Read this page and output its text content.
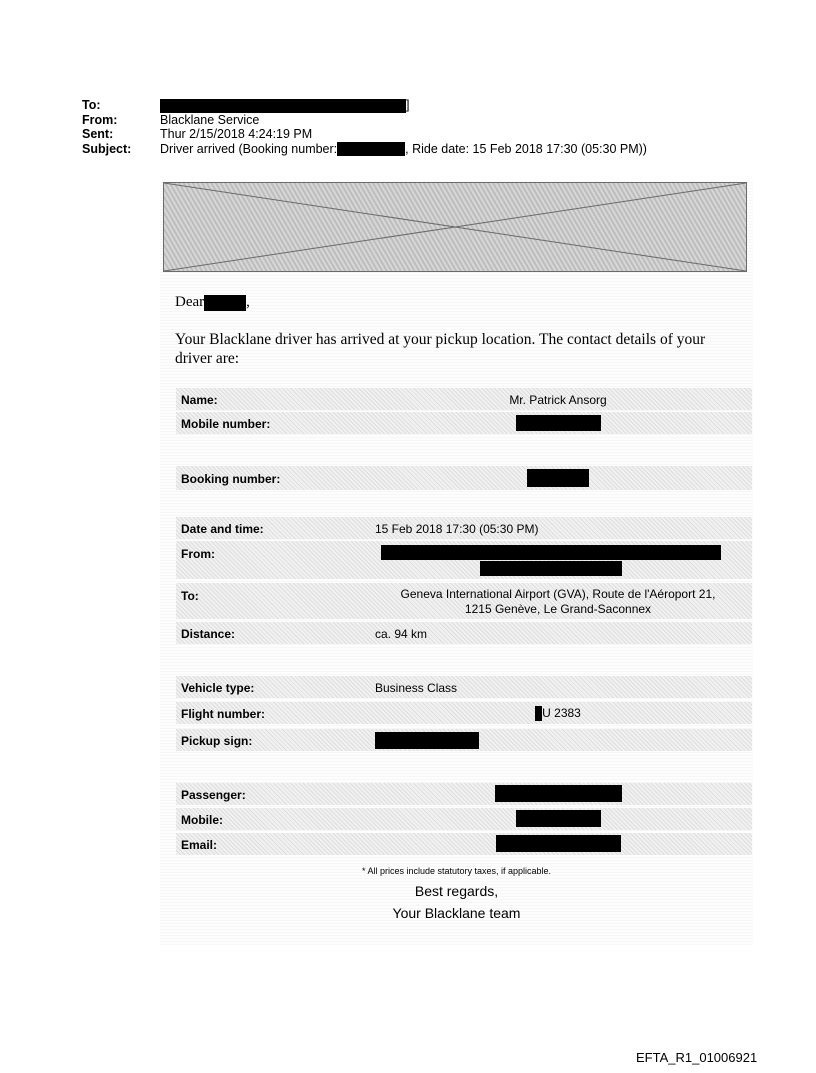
To:	]
From:	Blacklane Service
Sent:	Thur 2/15/2018 4:24:19 PM
Subject: Driver arrived (Booking number:	, Ride date: 15 Feb 2018 17:30 (05:30 PM))
Dear	,
Your Blacklane driver has arrived at your pickup location. The contact details of your driver are:
Name:	Mr. Patrick Ansorg
Mobile number:
Booking number:
Date and time:	15 Feb 2018 17:30 (05:30 PM)
From:
To:	Geneva International Airport (GVA), Route de l'Aéroport 21,
1215 Genève, Le Grand-Saconnex
Distance:	ca. 94 km
Vehicle type:	Business Class
Flight number:	U 2383
Pickup sign:
Passenger:
Mobile:
Email:
* All prices include statutory taxes, if applicable.
Best regards,
Your Blacklane team
EFTA_R1_01006921
